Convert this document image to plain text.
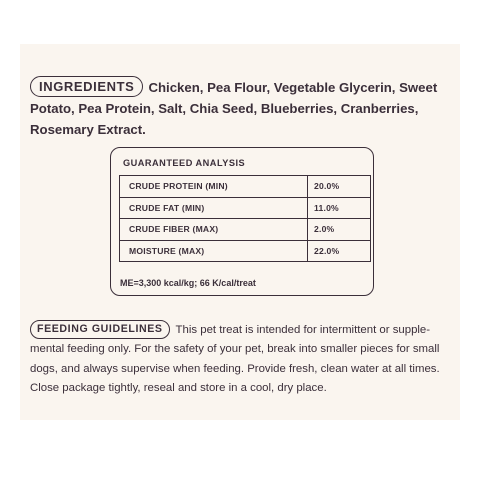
INGREDIENTS Chicken, Pea Flour, Vegetable Glycerin, Sweet Potato, Pea Protein, Salt, Chia Seed, Blueberries, Cranberries, Rosemary Extract.
GUARANTEED ANALYSIS
CRUDE PROTEIN (MIN)	20.0%
CRUDE FAT (MIN)	11.0%
CRUDE FIBER (MAX)	2.0%
MOISTURE (MAX)	22.0%
ME=3,300 kcal/kg; 66 K/cal/treat
FEEDING GUIDELINES This pet treat is intended for intermittent or supple-mental feeding only. For the safety of your pet, break into smaller pieces for small dogs, and always supervise when feeding. Provide fresh, clean water at all times. Close package tightly, reseal and store in a cool, dry place.
